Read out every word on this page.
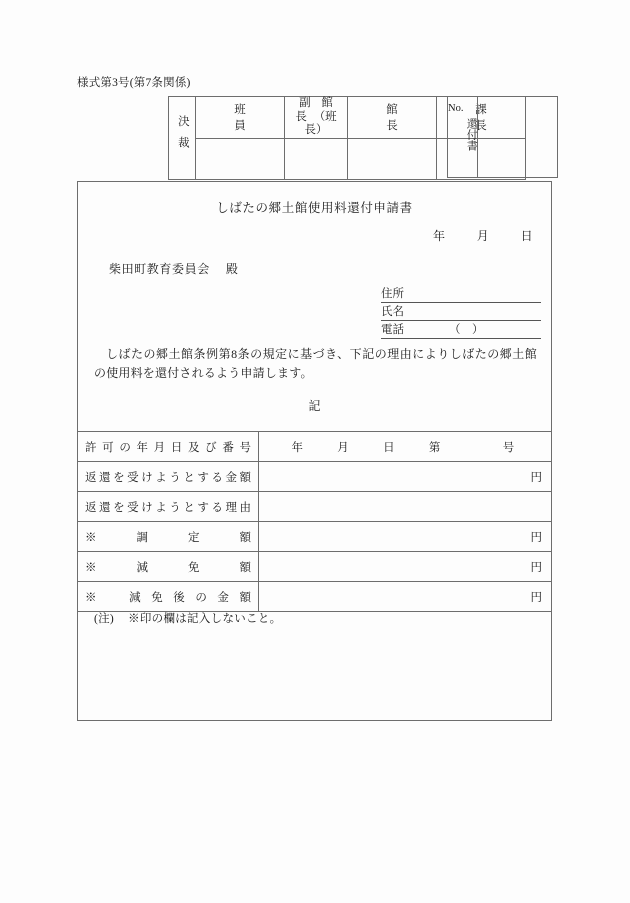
様式第3号(第7条関係)
決裁	班　員	副 館 長 （班　長）	館　長	課　長

還付書
No.

しばたの郷土館使用料還付申請書
年	月	日
柴田町教育委員会 殿
住所
氏名
電話	（　）
しばたの郷土館条例第8条の規定に基づき、下記の理由によりしばたの郷土館の使用料を還付されるよう申請します。
記
許可の年月日及び番号	年 月 日 第 号

返還を受けようとする金額	円

返還を受けようとする理由	
※　調　定　額	円

※　減　免　額	円

※　減免後の金額	円
(注) ※印の欄は記入しないこと。
